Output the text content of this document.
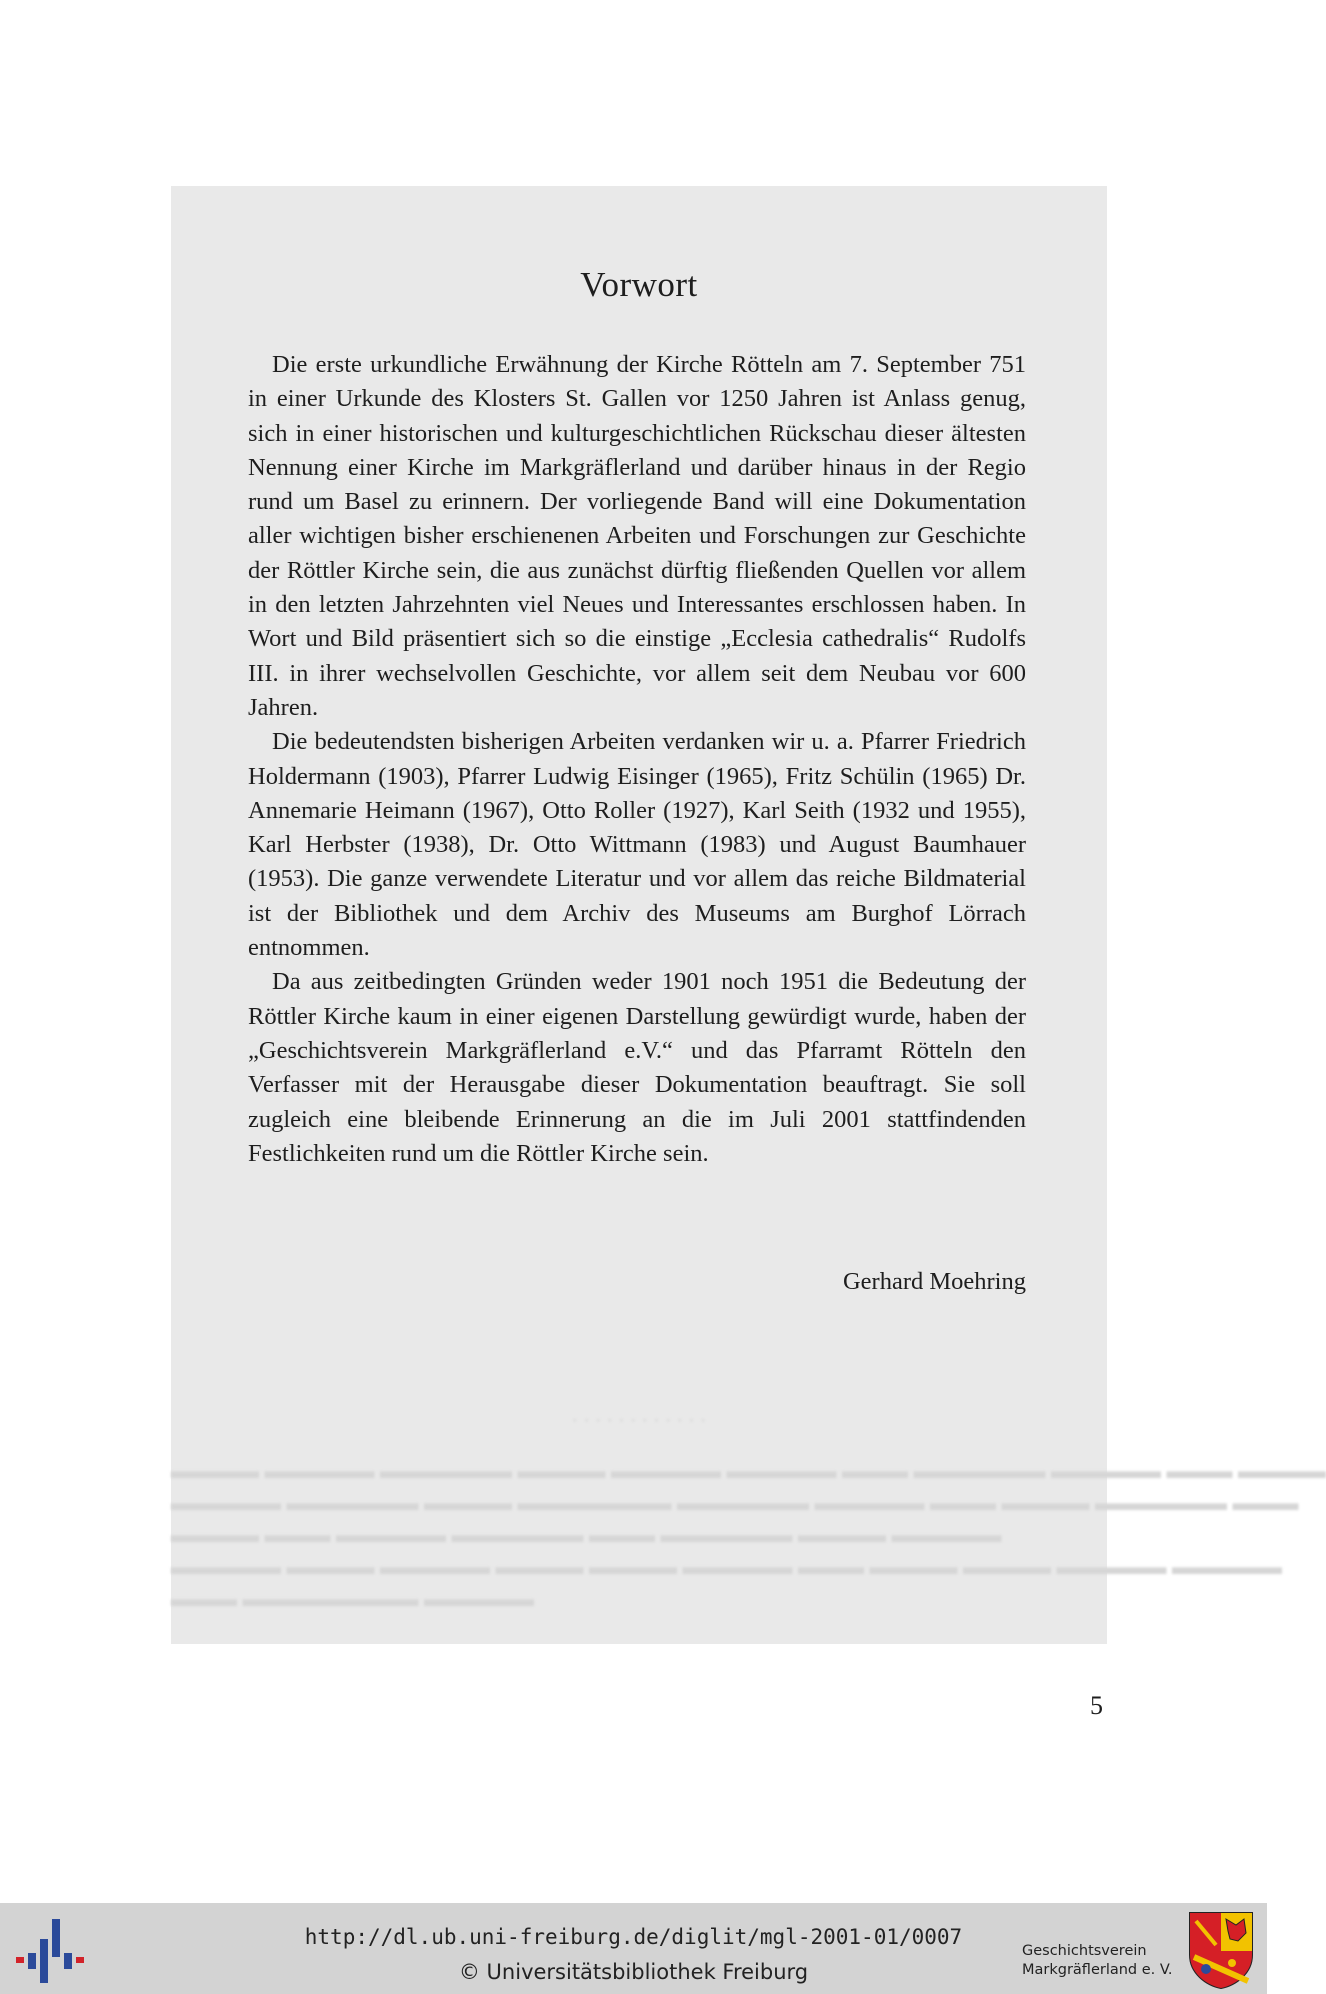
Vorwort

Die erste urkundliche Erwähnung der Kirche Rötteln am 7. September 751 in einer Urkunde des Klosters St. Gallen vor 1250 Jahren ist Anlass genug, sich in einer historischen und kulturgeschichtlichen Rückschau dieser ältesten Nennung einer Kirche im Markgräflerland und darüber hinaus in der Regio rund um Basel zu erinnern. Der vorliegende Band will eine Dokumentation aller wichtigen bisher erschienenen Arbeiten und Forschungen zur Geschichte der Röttler Kirche sein, die aus zunächst dürftig fließenden Quellen vor allem in den letzten Jahrzehnten viel Neues und Interessantes erschlossen haben. In Wort und Bild präsentiert sich so die einstige „Ecclesia cathedralis“ Rudolfs III. in ihrer wechselvollen Geschichte, vor allem seit dem Neubau vor 600 Jahren.

Die bedeutendsten bisherigen Arbeiten verdanken wir u. a. Pfarrer Friedrich Holdermann (1903), Pfarrer Ludwig Eisinger (1965), Fritz Schülin (1965) Dr. Annemarie Heimann (1967), Otto Roller (1927), Karl Seith (1932 und 1955), Karl Herbster (1938), Dr. Otto Wittmann (1983) und August Baumhauer (1953). Die ganze verwendete Literatur und vor allem das reiche Bildmaterial ist der Bibliothek und dem Archiv des Museums am Burghof Lörrach entnommen.

Da aus zeitbedingten Gründen weder 1901 noch 1951 die Bedeutung der Röttler Kirche kaum in einer eigenen Darstellung gewürdigt wurde, haben der „Geschichtsverein Markgräflerland e.V.“ und das Pfarramt Rötteln den Verfasser mit der Herausgabe dieser Dokumentation beauftragt. Sie soll zugleich eine bleibende Erinnerung an die im Juli 2001 stattfindenden Festlichkeiten rund um die Röttler Kirche sein.

Gerhard Moehring
· · · · · · · · · · · ·
▬▬▬▬ ▬▬▬▬▬ ▬▬▬▬▬▬ ▬▬▬▬ ▬▬▬▬▬ ▬▬▬▬▬ ▬▬▬ ▬▬▬▬▬▬ ▬▬▬▬▬ ▬▬▬ ▬▬▬▬
▬▬▬▬▬ ▬▬▬▬▬▬ ▬▬▬▬ ▬▬▬▬▬▬▬ ▬▬▬▬▬▬ ▬▬▬▬▬ ▬▬▬ ▬▬▬▬ ▬▬▬▬▬▬ ▬▬▬
▬▬▬▬ ▬▬▬ ▬▬▬▬▬ ▬▬▬▬▬▬ ▬▬▬ ▬▬▬▬▬▬ ▬▬▬▬ ▬▬▬▬▬
▬▬▬▬▬ ▬▬▬▬ ▬▬▬▬▬ ▬▬▬▬ ▬▬▬▬ ▬▬▬▬▬ ▬▬▬ ▬▬▬▬ ▬▬▬▬ ▬▬▬▬▬ ▬▬▬▬▬
▬▬▬ ▬▬▬▬▬▬▬▬ ▬▬▬▬▬
5
http://dl.ub.uni-freiburg.de/diglit/mgl-2001-01/0007
© Universitätsbibliothek Freiburg
Geschichtsverein
Markgräflerland e. V.
